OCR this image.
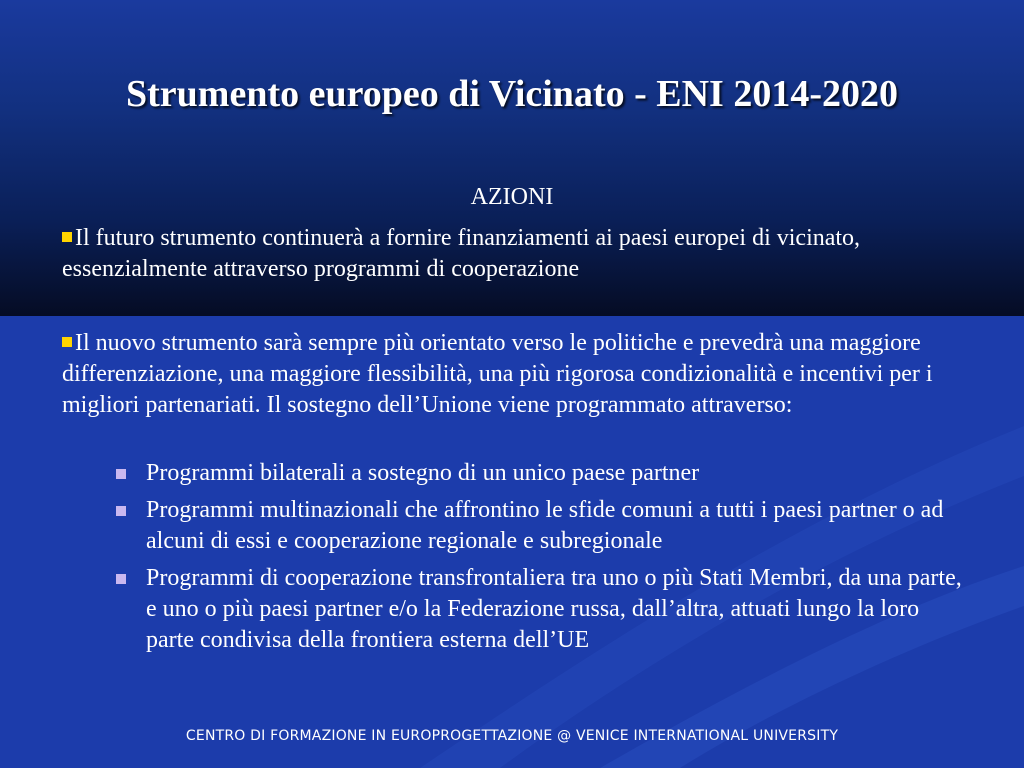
Strumento europeo di Vicinato - ENI 2014-2020
AZIONI

Il futuro strumento continuerà a fornire finanziamenti ai paesi europei di vicinato, essenzialmente attraverso programmi di cooperazione

Il nuovo strumento sarà sempre più orientato verso le politiche e prevedrà una maggiore differenziazione, una maggiore flessibilità, una più rigorosa condizionalità e incentivi per i migliori partenariati. Il sostegno dell’Unione viene programmato attraverso:

Programmi bilaterali a sostegno di un unico paese partner
Programmi multinazionali che affrontino le sfide comuni a tutti i paesi partner o ad alcuni di essi e cooperazione regionale e subregionale
Programmi di cooperazione transfrontaliera tra uno o più Stati Membri, da una parte, e uno o più paesi partner e/o la Federazione russa, dall’altra, attuati lungo la loro parte condivisa della frontiera esterna dell’UE
CENTRO DI FORMAZIONE IN EUROPROGETTAZIONE @ VENICE INTERNATIONAL UNIVERSITY
